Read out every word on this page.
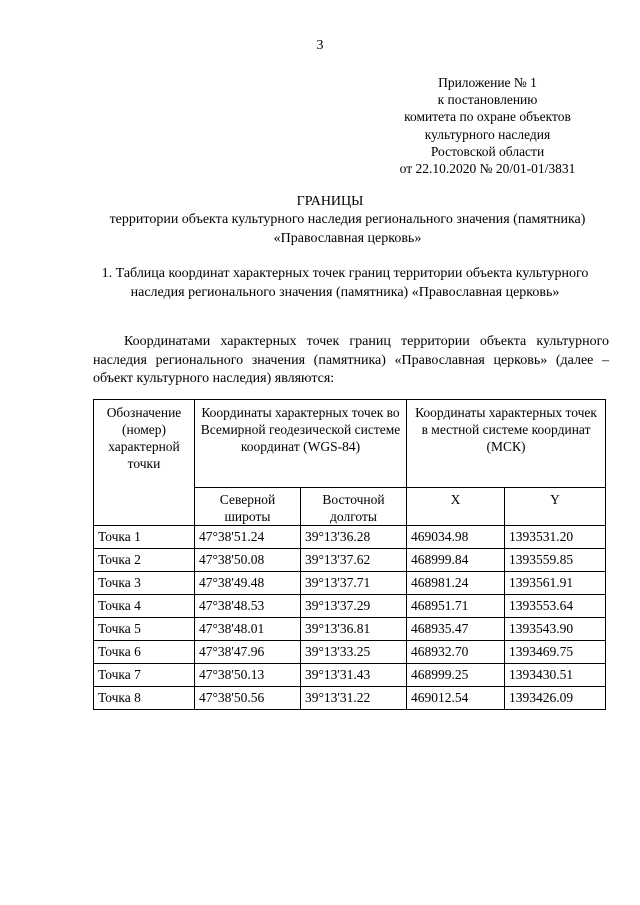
3
Приложение № 1
к постановлению
комитета по охране объектов
культурного наследия
Ростовской области
от 22.10.2020 № 20/01-01/3831
ГРАНИЦЫ
территории объекта культурного наследия регионального значения (памятника) «Православная церковь»
1. Таблица координат характерных точек границ территории объекта культурного наследия регионального значения (памятника) «Православная церковь»
Координатами характерных точек границ территории объекта культурного наследия регионального значения (памятника) «Православная церковь» (далее – объект культурного наследия) являются:
Обозначение (номер) характерной точки	Координаты характерных точек во Всемирной геодезической системе координат (WGS-84)		Координаты характерных точек в местной системе координат (МСК)	
	Северной широты	Восточной долготы	X	Y
Точка 1	47°38'51.24	39°13'36.28	469034.98	1393531.20
Точка 2	47°38'50.08	39°13'37.62	468999.84	1393559.85
Точка 3	47°38'49.48	39°13'37.71	468981.24	1393561.91
Точка 4	47°38'48.53	39°13'37.29	468951.71	1393553.64
Точка 5	47°38'48.01	39°13'36.81	468935.47	1393543.90
Точка 6	47°38'47.96	39°13'33.25	468932.70	1393469.75
Точка 7	47°38'50.13	39°13'31.43	468999.25	1393430.51
Точка 8	47°38'50.56	39°13'31.22	469012.54	1393426.09
